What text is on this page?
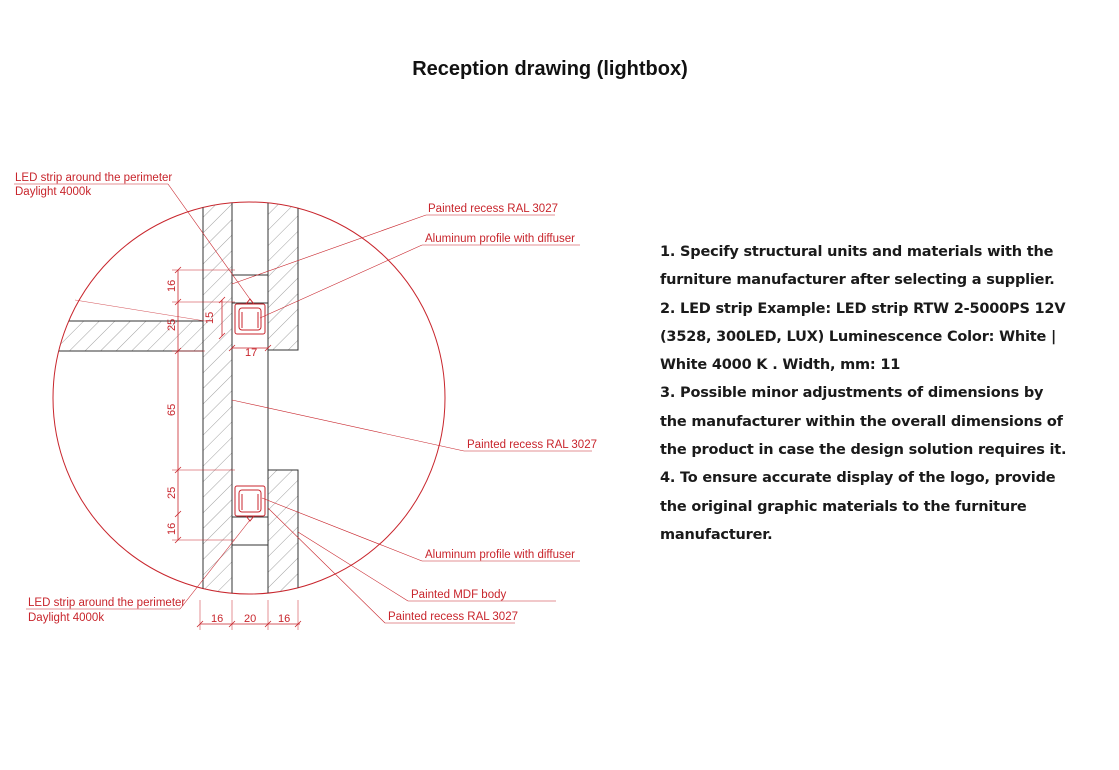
Reception drawing (lightbox)
16
15
25
17
65
25
16
16 20 16
LED strip around the perimeter
Daylight 4000k
Painted recess RAL 3027
Aluminum profile with diffuser
Painted recess RAL 3027
Aluminum profile with diffuser
Painted MDF body
Painted recess RAL 3027
LED strip around the perimeter
Daylight 4000k

1. Specify structural units and materials with the furniture manufacturer after selecting a supplier.

2. LED strip Example: LED strip RTW 2-5000PS 12V (3528, 300LED, LUX) Luminescence Color: White | White 4000 K . Width, mm: 11

3. Possible minor adjustments of dimensions by the manufacturer within the overall dimensions of the product in case the design solution requires it.

4. To ensure accurate display of the logo, provide the original graphic materials to the furniture manufacturer.
